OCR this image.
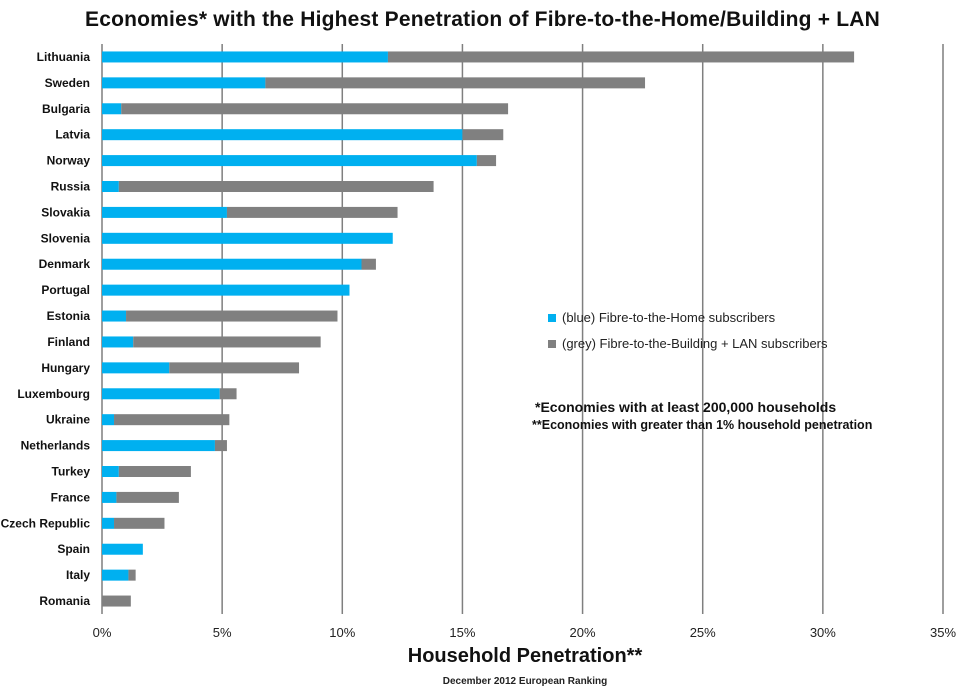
Economies* with the Highest Penetration of Fibre-to-the-Home/Building + LAN
0%	5%	10%	15%	20%	25%	30%	35%
Lithuania
Sweden
Bulgaria
Latvia
Norway
Russia
Slovakia
Slovenia
Denmark
Portugal
Estonia
Finland
Hungary
Luxembourg
Ukraine
Netherlands
Turkey
France
Czech Republic
Spain
Italy
Romania
(blue) Fibre-to-the-Home subscribers
(grey) Fibre-to-the-Building + LAN subscribers
*Economies with at least 200,000 households
**Economies with greater than 1% household penetration
Household Penetration**
December 2012 European Ranking
